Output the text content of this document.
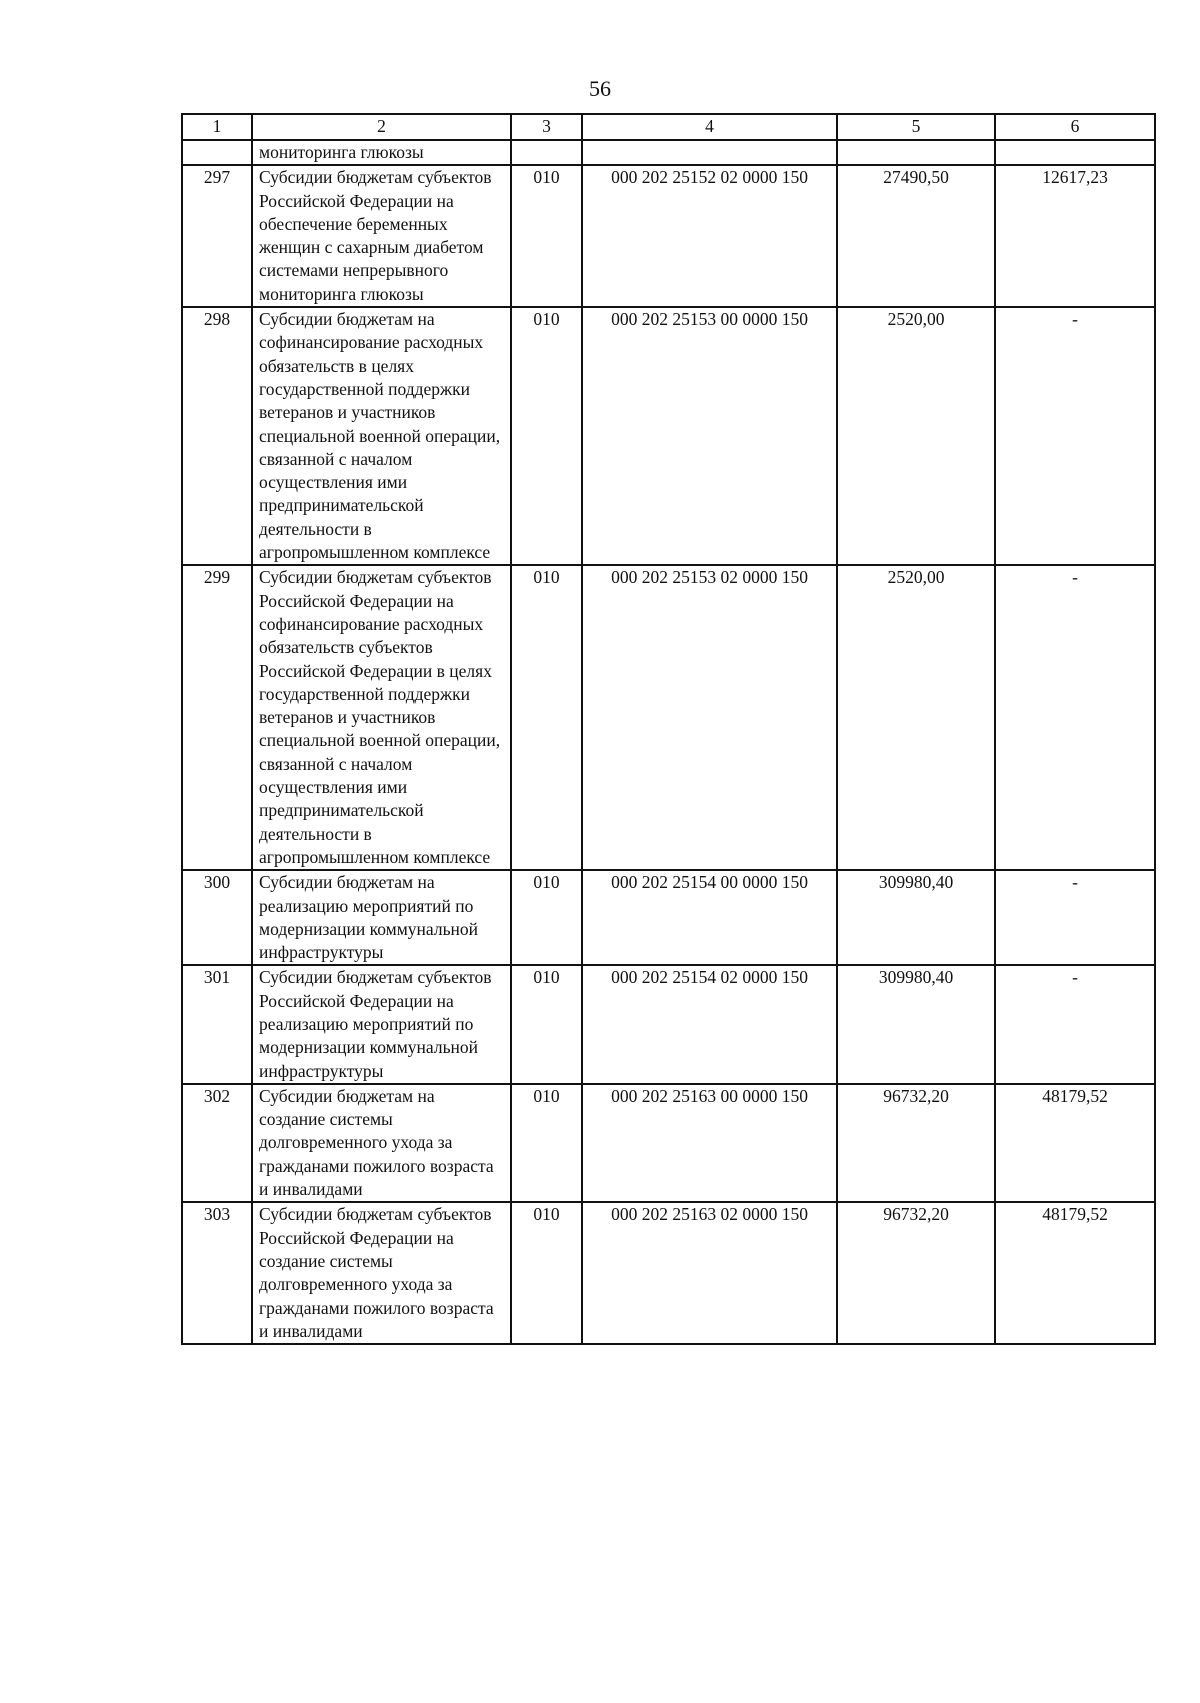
56
1	2	3	4	5	6
	мониторинга глюкозы				
297	Субсидии бюджетам субъектов Российской Федерации на обеспечение беременных женщин с сахарным диабетом системами непрерывного мониторинга глюкозы	010	000 202 25152 02 0000 150	27490,50	12617,23
298	Субсидии бюджетам на софинансирование расходных обязательств в целях государственной поддержки ветеранов и участников специальной военной операции, связанной с началом осуществления ими предпринимательской деятельности в агропромышленном комплексе	010	000 202 25153 00 0000 150	2520,00	-
299	Субсидии бюджетам субъектов Российской Федерации на софинансирование расходных обязательств субъектов Российской Федерации в целях государственной поддержки ветеранов и участников специальной военной операции, связанной с началом осуществления ими предпринимательской деятельности в агропромышленном комплексе	010	000 202 25153 02 0000 150	2520,00	-
300	Субсидии бюджетам на реализацию мероприятий по модернизации коммунальной инфраструктуры	010	000 202 25154 00 0000 150	309980,40	-
301	Субсидии бюджетам субъектов Российской Федерации на реализацию мероприятий по модернизации коммунальной инфраструктуры	010	000 202 25154 02 0000 150	309980,40	-
302	Субсидии бюджетам на создание системы долговременного ухода за гражданами пожилого возраста и инвалидами	010	000 202 25163 00 0000 150	96732,20	48179,52
303	Субсидии бюджетам субъектов Российской Федерации на создание системы долговременного ухода за гражданами пожилого возраста и инвалидами	010	000 202 25163 02 0000 150	96732,20	48179,52
